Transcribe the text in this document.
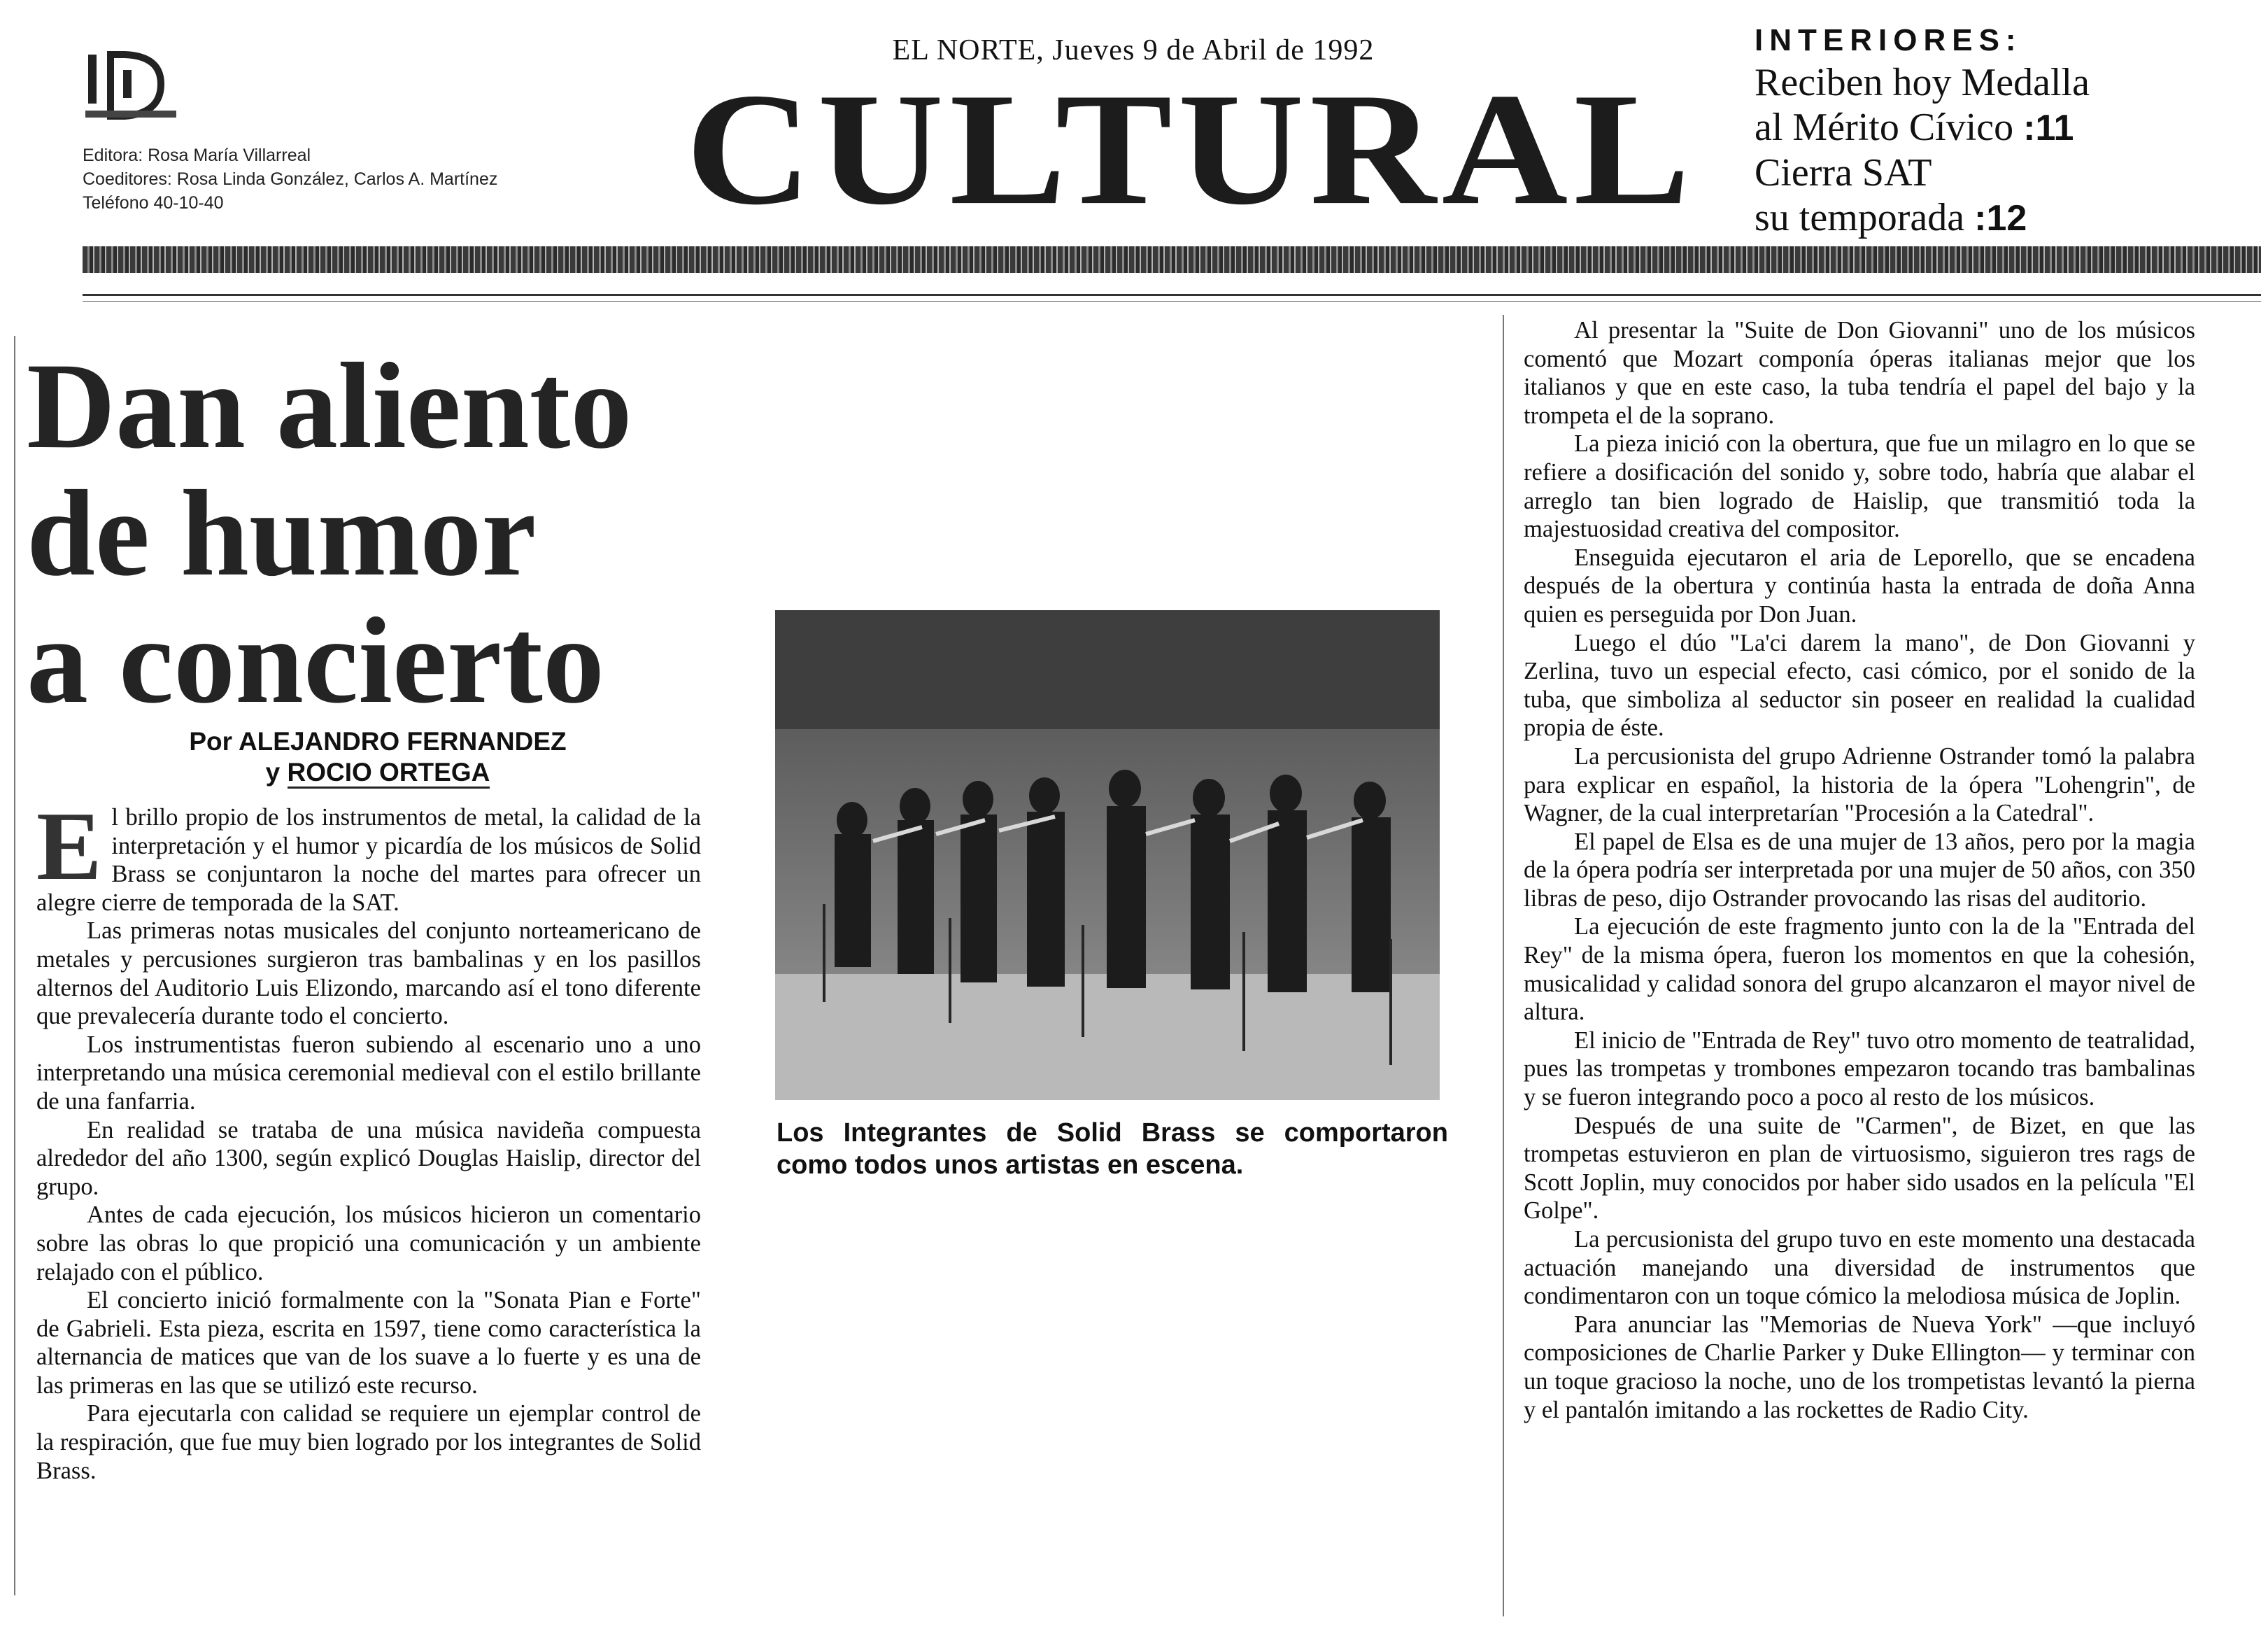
Editora: Rosa María Villarreal
Coeditores: Rosa Linda González, Carlos A. Martínez
Teléfono 40-10-40
EL NORTE, Jueves 9 de Abril de 1992
CULTURAL
INTERIORES:
Reciben hoy Medalla
al Mérito Cívico :11
Cierra SAT
su temporada :12
Dan aliento
de humor
a concierto
Por ALEJANDRO FERNANDEZ
y ROCIO ORTEGA

El brillo propio de los instrumentos de metal, la calidad de la interpretación y el humor y picardía de los músicos de Solid Brass se conjuntaron la noche del martes para ofrecer un alegre cierre de temporada de la SAT.

Las primeras notas musicales del conjunto norteamericano de metales y percusiones surgieron tras bambalinas y en los pasillos alternos del Auditorio Luis Elizondo, marcando así el tono diferente que prevalecería durante todo el concierto.

Los instrumentistas fueron subiendo al escenario uno a uno interpretando una música ceremonial medieval con el estilo brillante de una fanfarria.

En realidad se trataba de una música navideña compuesta alrededor del año 1300, según explicó Douglas Haislip, director del grupo.

Antes de cada ejecución, los músicos hicieron un comentario sobre las obras lo que propició una comunicación y un ambiente relajado con el público.

El concierto inició formalmente con la "Sonata Pian e Forte" de Gabrieli. Esta pieza, escrita en 1597, tiene como característica la alternancia de matices que van de los suave a lo fuerte y es una de las primeras en las que se utilizó este recurso.

Para ejecutarla con calidad se requiere un ejemplar control de la respiración, que fue muy bien logrado por los integrantes de Solid Brass.

Los Integrantes de Solid Brass se comportaron como todos unos artistas en escena.

Al presentar la "Suite de Don Giovanni" uno de los músicos comentó que Mozart componía óperas italianas mejor que los italianos y que en este caso, la tuba tendría el papel del bajo y la trompeta el de la soprano.

La pieza inició con la obertura, que fue un milagro en lo que se refiere a dosificación del sonido y, sobre todo, habría que alabar el arreglo tan bien logrado de Haislip, que transmitió toda la majestuosidad creativa del compositor.

Enseguida ejecutaron el aria de Leporello, que se encadena después de la obertura y continúa hasta la entrada de doña Anna quien es perseguida por Don Juan.

Luego el dúo "La'ci darem la mano", de Don Giovanni y Zerlina, tuvo un especial efecto, casi cómico, por el sonido de la tuba, que simboliza al seductor sin poseer en realidad la cualidad propia de éste.

La percusionista del grupo Adrienne Ostrander tomó la palabra para explicar en español, la historia de la ópera "Lohengrin", de Wagner, de la cual interpretarían "Procesión a la Catedral".

El papel de Elsa es de una mujer de 13 años, pero por la magia de la ópera podría ser interpretada por una mujer de 50 años, con 350 libras de peso, dijo Ostrander provocando las risas del auditorio.

La ejecución de este fragmento junto con la de la "Entrada del Rey" de la misma ópera, fueron los momentos en que la cohesión, musicalidad y calidad sonora del grupo alcanzaron el mayor nivel de altura.

El inicio de "Entrada de Rey" tuvo otro momento de teatralidad, pues las trompetas y trombones empezaron tocando tras bambalinas y se fueron integrando poco a poco al resto de los músicos.

Después de una suite de "Carmen", de Bizet, en que las trompetas estuvieron en plan de virtuosismo, siguieron tres rags de Scott Joplin, muy conocidos por haber sido usados en la película "El Golpe".

La percusionista del grupo tuvo en este momento una destacada actuación manejando una diversidad de instrumentos que condimentaron con un toque cómico la melodiosa música de Joplin.

Para anunciar las "Memorias de Nueva York" —que incluyó composiciones de Charlie Parker y Duke Ellington— y terminar con un toque gracioso la noche, uno de los trompetistas levantó la pierna y el pantalón imitando a las rockettes de Radio City.
